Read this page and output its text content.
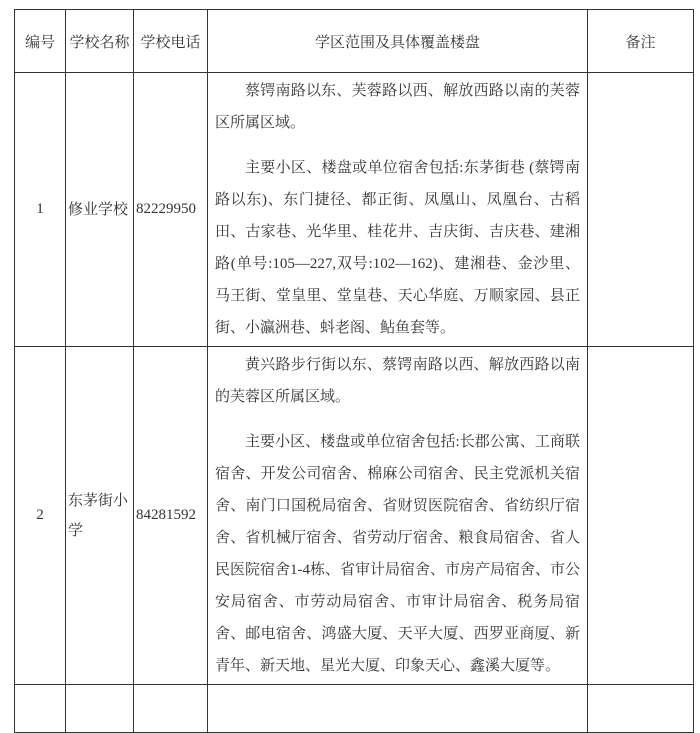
编号	学校名称	学校电话	学区范围及具体覆盖楼盘	备注
1	修业学校	82229950	蔡锷南路以东、芙蓉路以西、解放西路以南的芙蓉区所属区域。

主要小区、楼盘或单位宿舍包括:东茅街巷 (蔡锷南路以东)、东门捷径、都正街、凤凰山、凤凰台、古稻田、古家巷、光华里、桂花井、吉庆街、吉庆巷、建湘路(单号:105—227,双号:102—162)、建湘巷、金沙里、马王街、堂皇里、堂皇巷、天心华庭、万顺家园、县正街、小瀛洲巷、蚪老阁、鲇鱼套等。	

2	东茅街小学	84281592	黄兴路步行街以东、蔡锷南路以西、解放西路以南的芙蓉区所属区域。

主要小区、楼盘或单位宿舍包括:长郡公寓、工商联宿舍、开发公司宿舍、棉麻公司宿舍、民主党派机关宿舍、南门口国税局宿舍、省财贸医院宿舍、省纺织厅宿舍、省机械厅宿舍、省劳动厅宿舍、粮食局宿舍、省人民医院宿舍1-4栋、省审计局宿舍、市房产局宿舍、市公安局宿舍、市劳动局宿舍、市审计局宿舍、税务局宿舍、邮电宿舍、鸿盛大厦、天平大厦、西罗亚商厦、新青年、新天地、星光大厦、印象天心、鑫溪大厦等。	
